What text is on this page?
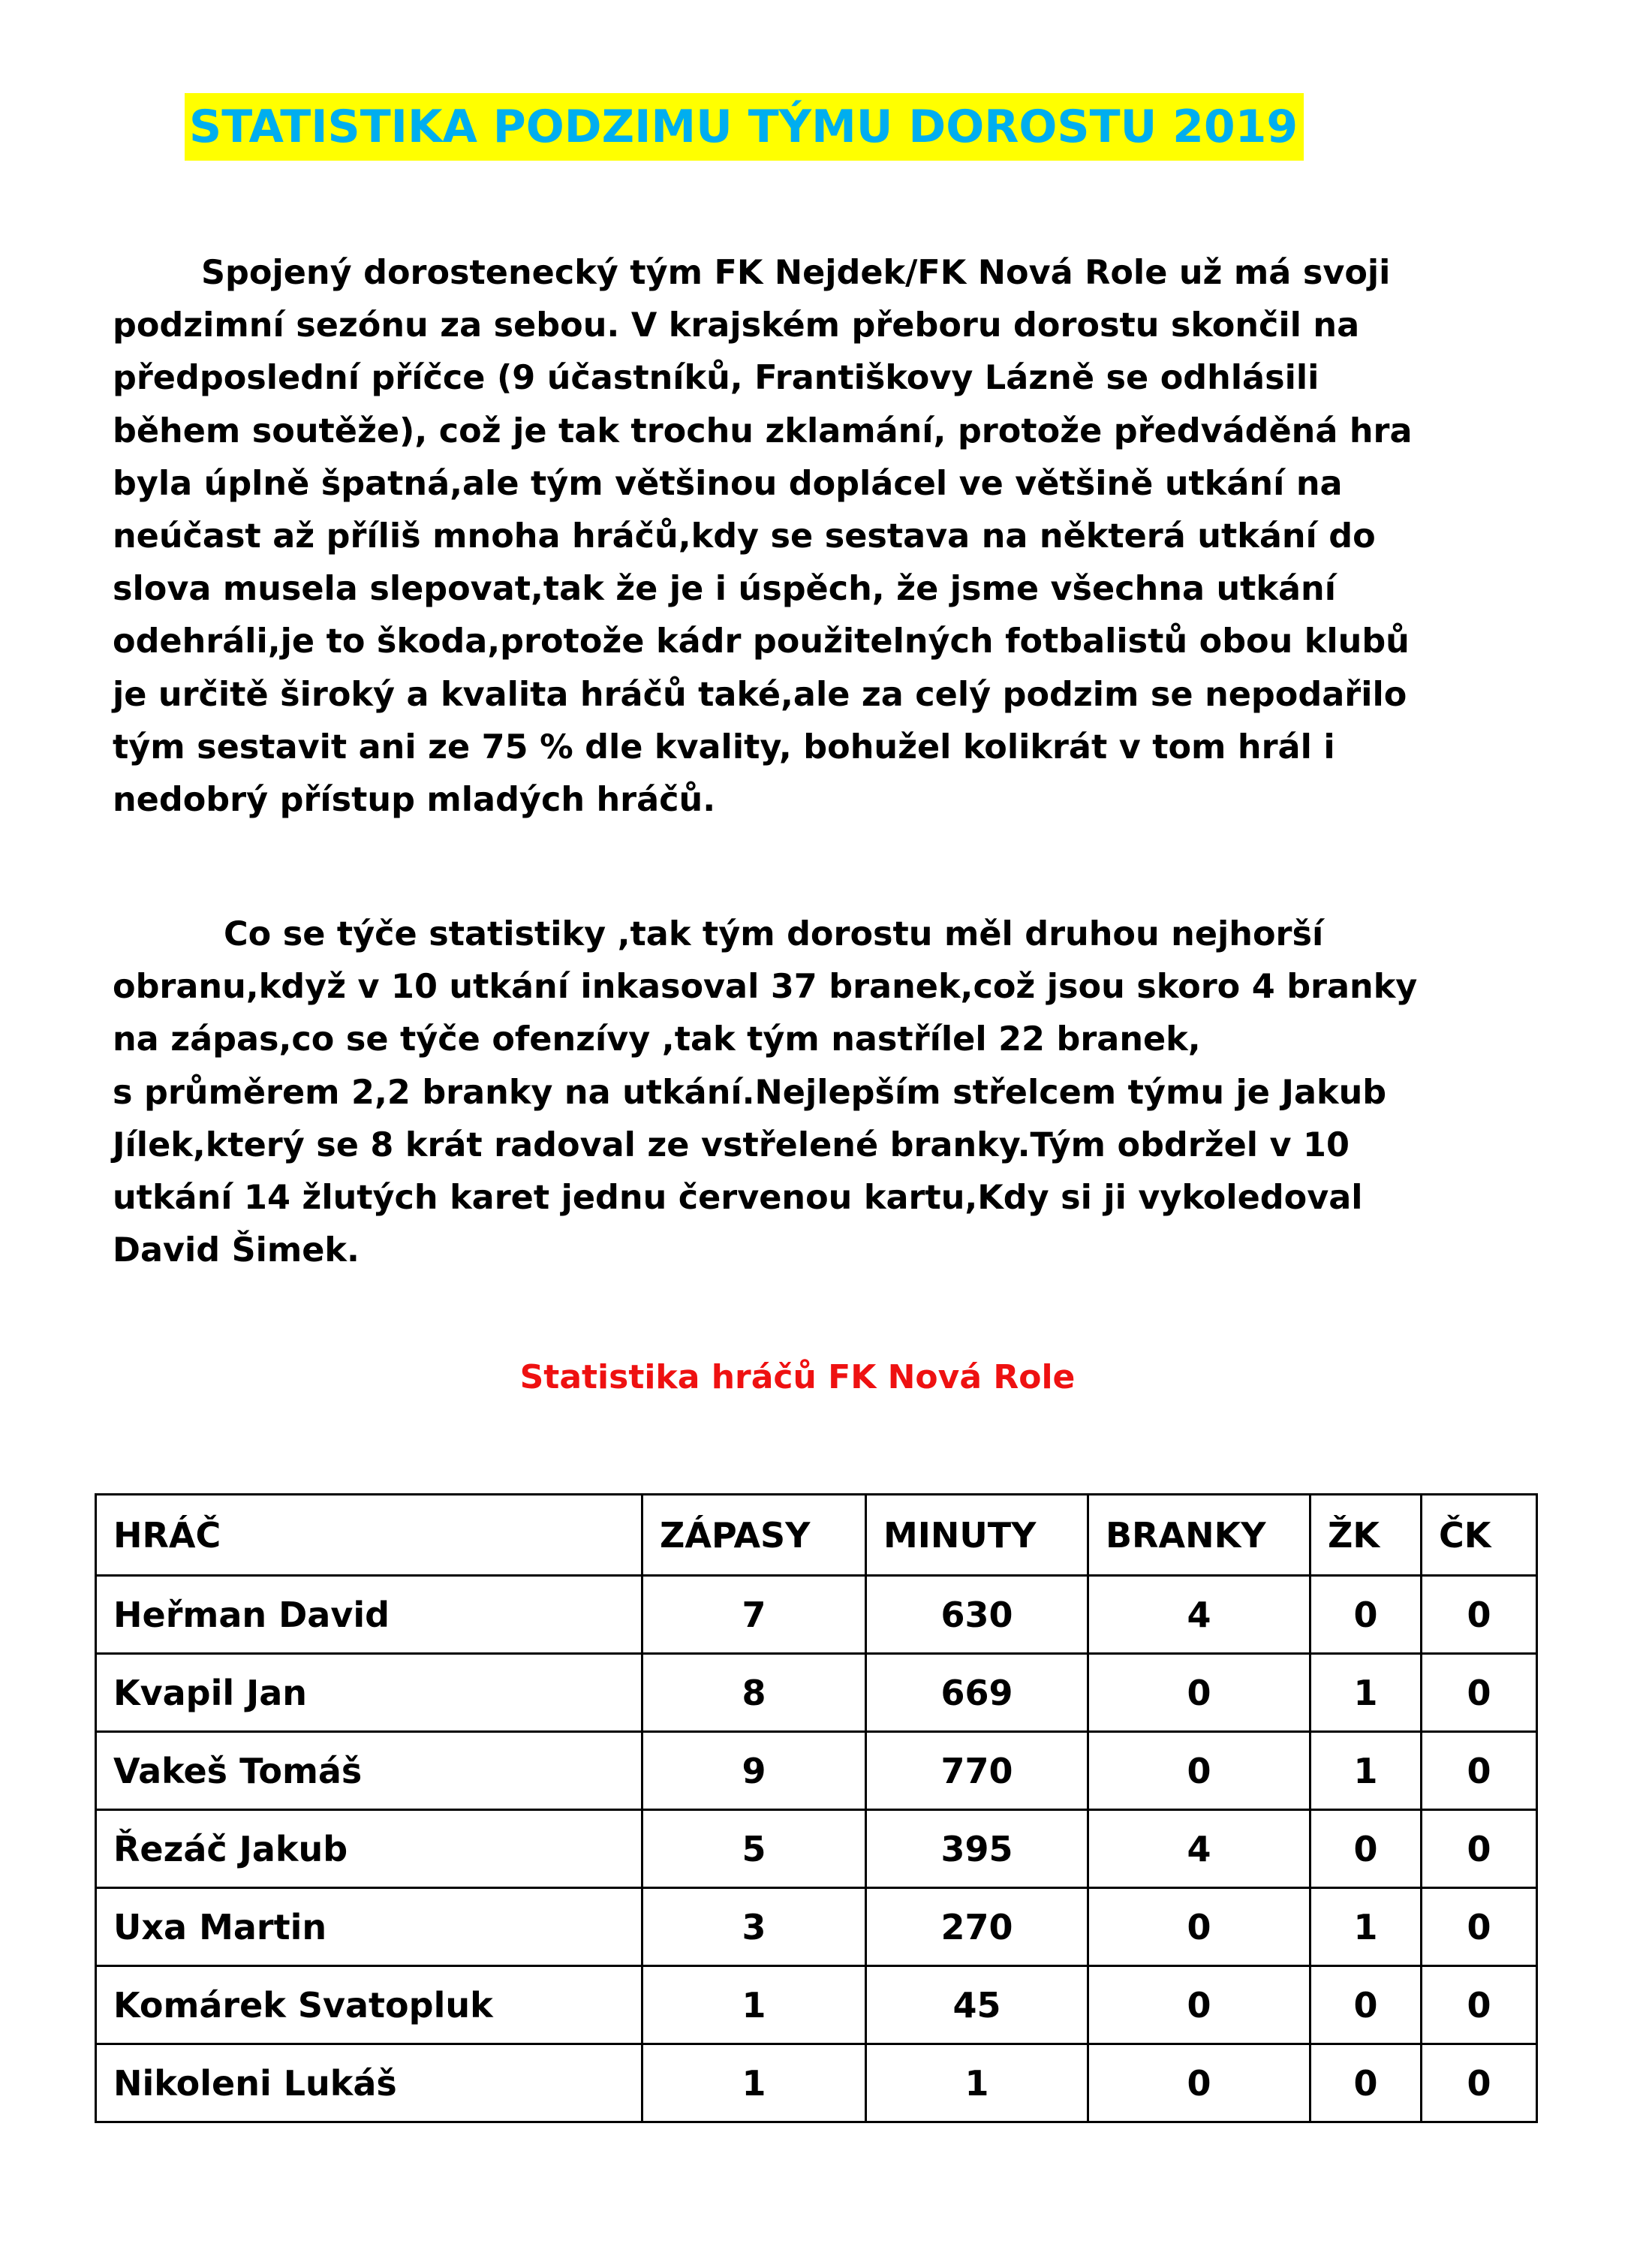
STATISTIKA PODZIMU TÝMU DOROSTU 2019
Spojený dorostenecký tým FK Nejdek/FK Nová Role už má svoji
podzimní sezónu za sebou. V krajském přeboru dorostu skončil na
předposlední příčce (9 účastníků, Františkovy Lázně se odhlásili
během soutěže), což je tak trochu zklamání, protože předváděná hra
byla úplně špatná,ale tým většinou doplácel ve většině utkání na
neúčast až příliš mnoha hráčů,kdy se sestava na některá utkání do
slova musela slepovat,tak že je i úspěch, že jsme všechna utkání
odehráli,je to škoda,protože kádr použitelných fotbalistů obou klubů
je určitě široký a kvalita hráčů také,ale za celý podzim se nepodařilo
tým sestavit ani ze 75 % dle kvality, bohužel kolikrát v tom hrál i
nedobrý přístup mladých hráčů.
Co se týče statistiky ,tak tým dorostu měl druhou nejhorší
obranu,když v 10 utkání inkasoval 37 branek,což jsou skoro 4 branky
na zápas,co se týče ofenzívy ,tak tým nastřílel 22 branek,
s průměrem 2,2 branky na utkání.Nejlepším střelcem týmu je Jakub
Jílek,který se 8 krát radoval ze vstřelené branky.Tým obdržel v 10
utkání 14 žlutých karet jednu červenou kartu,Kdy si ji vykoledoval
David Šimek.

Statistika hráčů FK Nová Role

HRÁČ	ZÁPASY	MINUTY	BRANKY	ŽK	ČK
Heřman David	7	630	4	0	0
Kvapil Jan	8	669	0	1	0
Vakeš Tomáš	9	770	0	1	0
Řezáč Jakub	5	395	4	0	0
Uxa Martin	3	270	0	1	0
Komárek Svatopluk	1	45	0	0	0
Nikoleni Lukáš	1	1	0	0	0
